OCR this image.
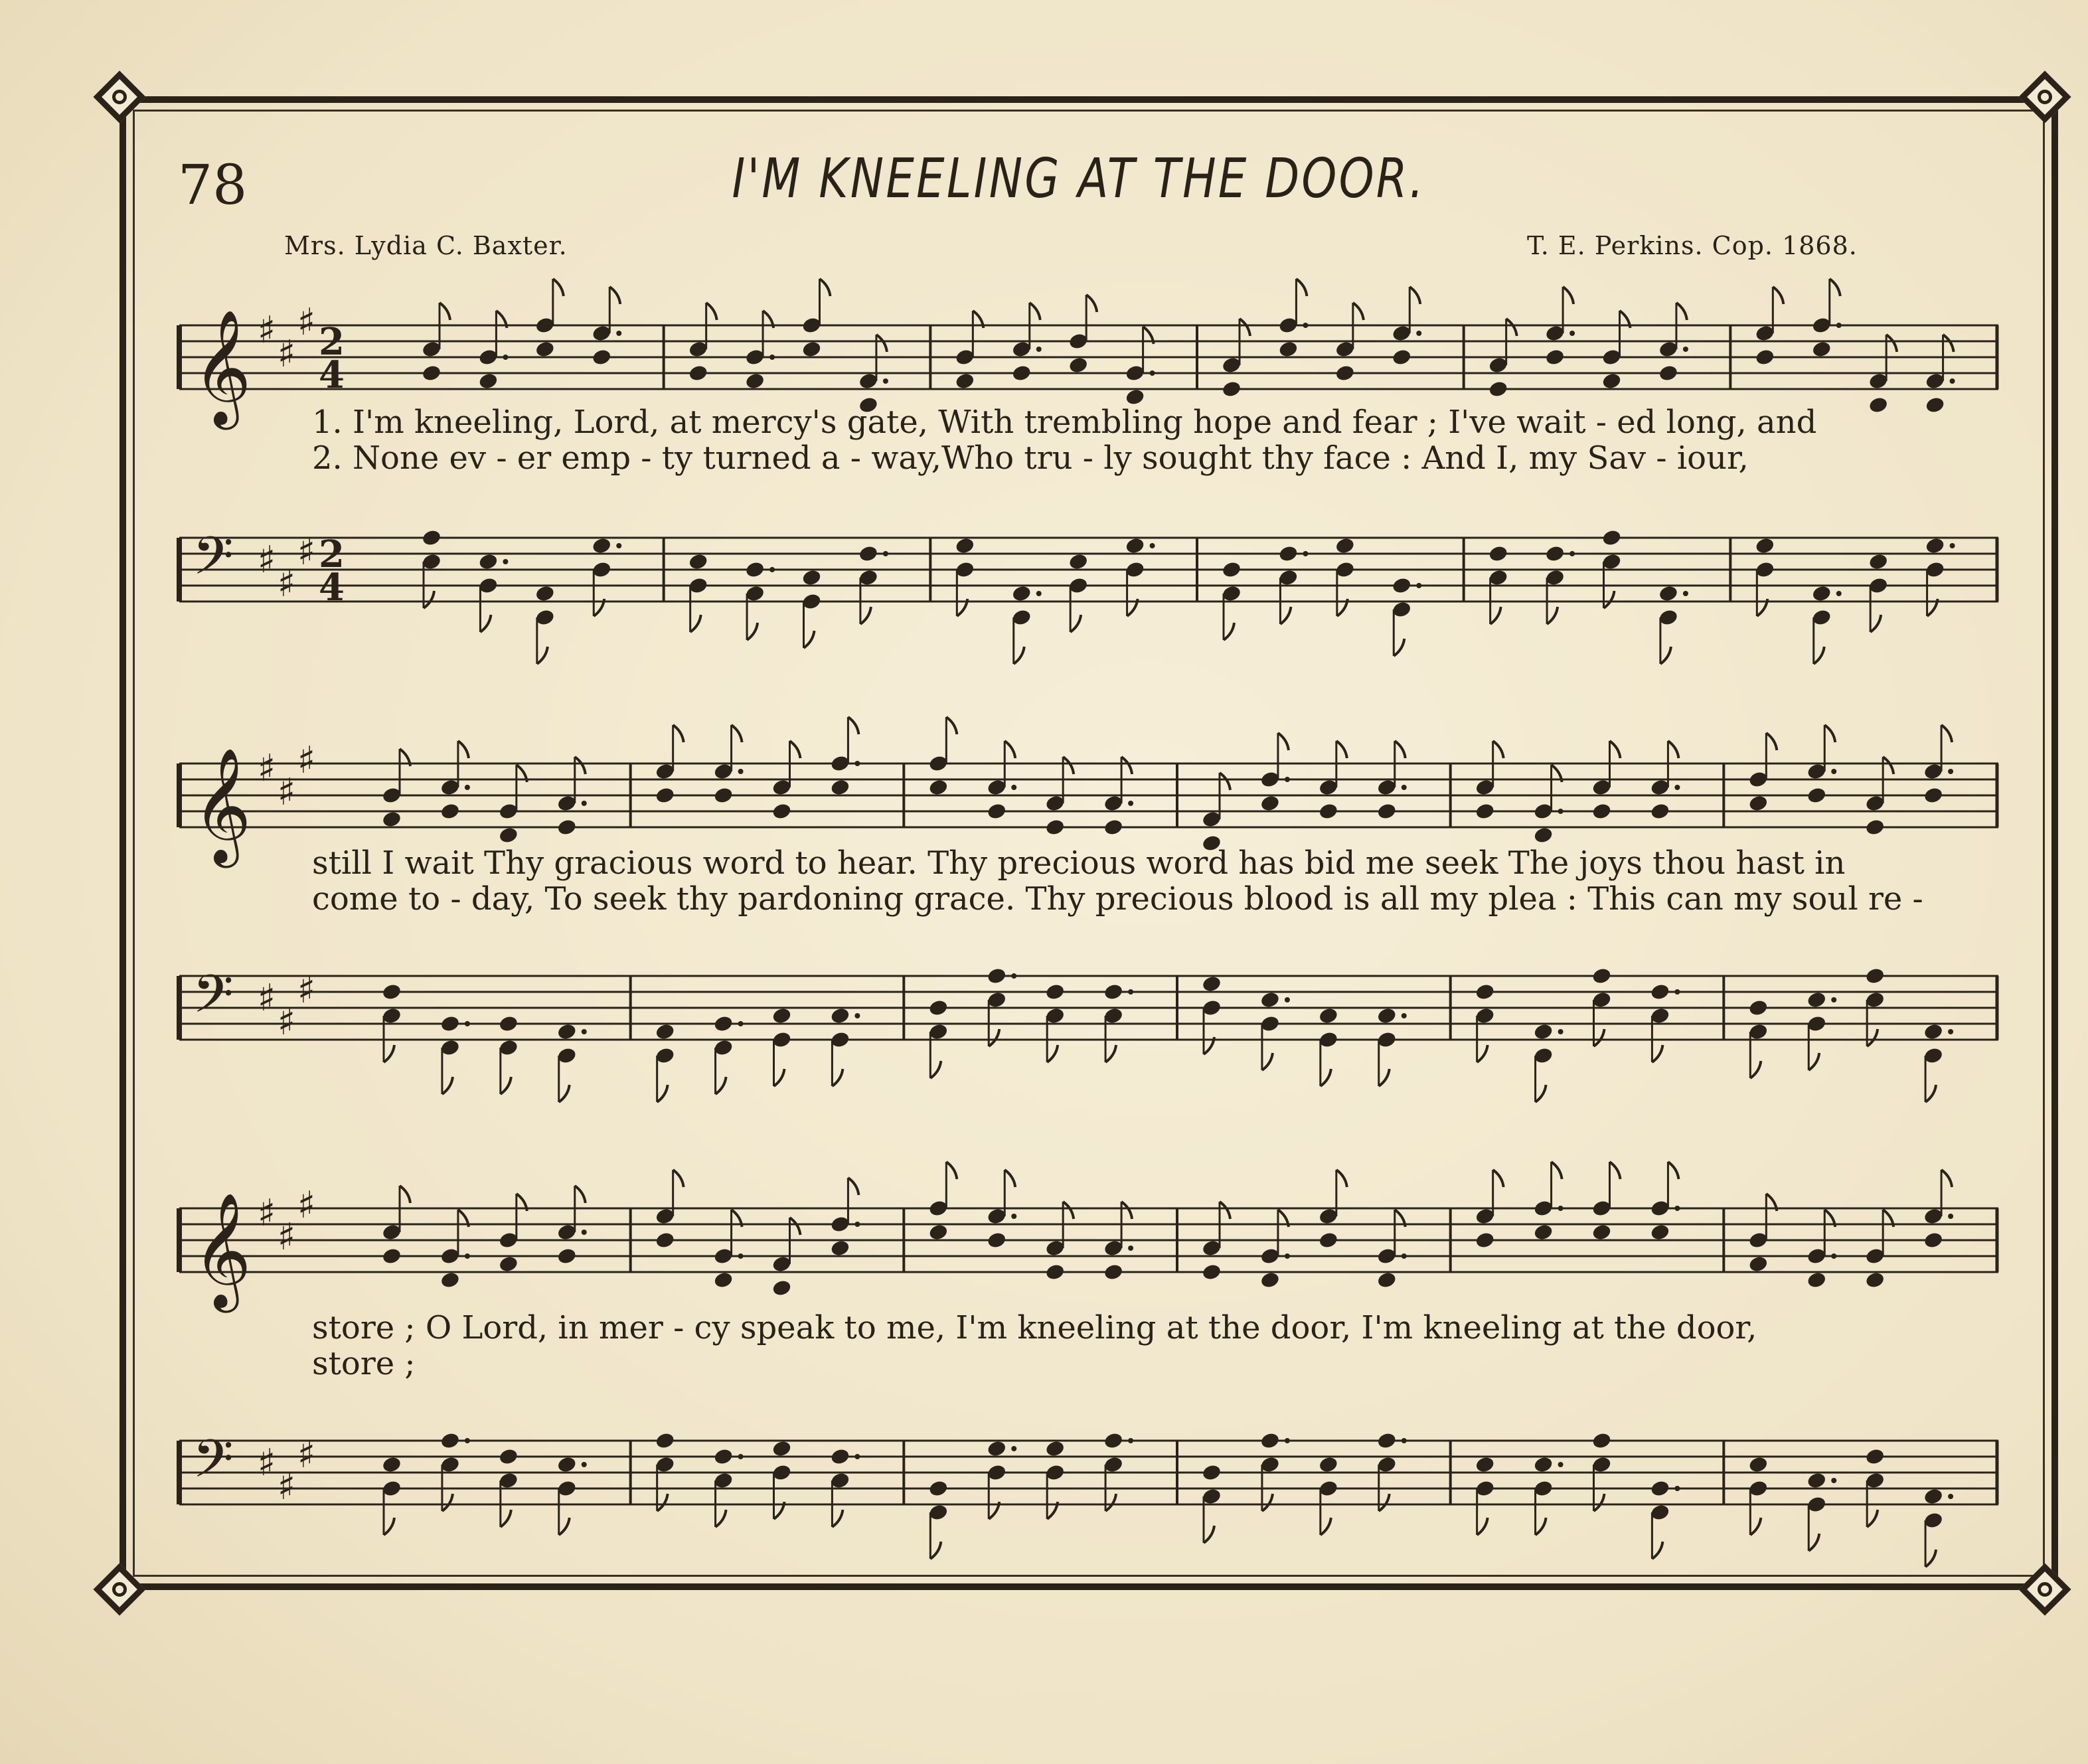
78	I'M KNEELING AT THE DOOR.
Mrs. Lydia C. Baxter.	T. E. Perkins. Cop. 1868.
𝄞 ♯
♯
♯ 2
4
𝄢 ♯
♯
♯ 2
4
1. I'm kneeling, Lord, at mercy's gate, With trembling hope and fear ; I've wait - ed long, and
2. None ev - er emp - ty turned a - way,Who tru - ly sought thy face : And I, my Sav - iour,
𝄞 ♯
♯
♯
𝄢 ♯
♯
♯
still I wait Thy gracious word to hear. Thy precious word has bid me seek The joys thou hast in
come to - day, To seek thy pardoning grace. Thy precious blood is all my plea : This can my soul re -
𝄞 ♯
♯
♯
𝄢 ♯
♯
♯
store ; O Lord, in mer - cy speak to me, I'm kneeling at the door, I'm kneeling at the door,
store ;
